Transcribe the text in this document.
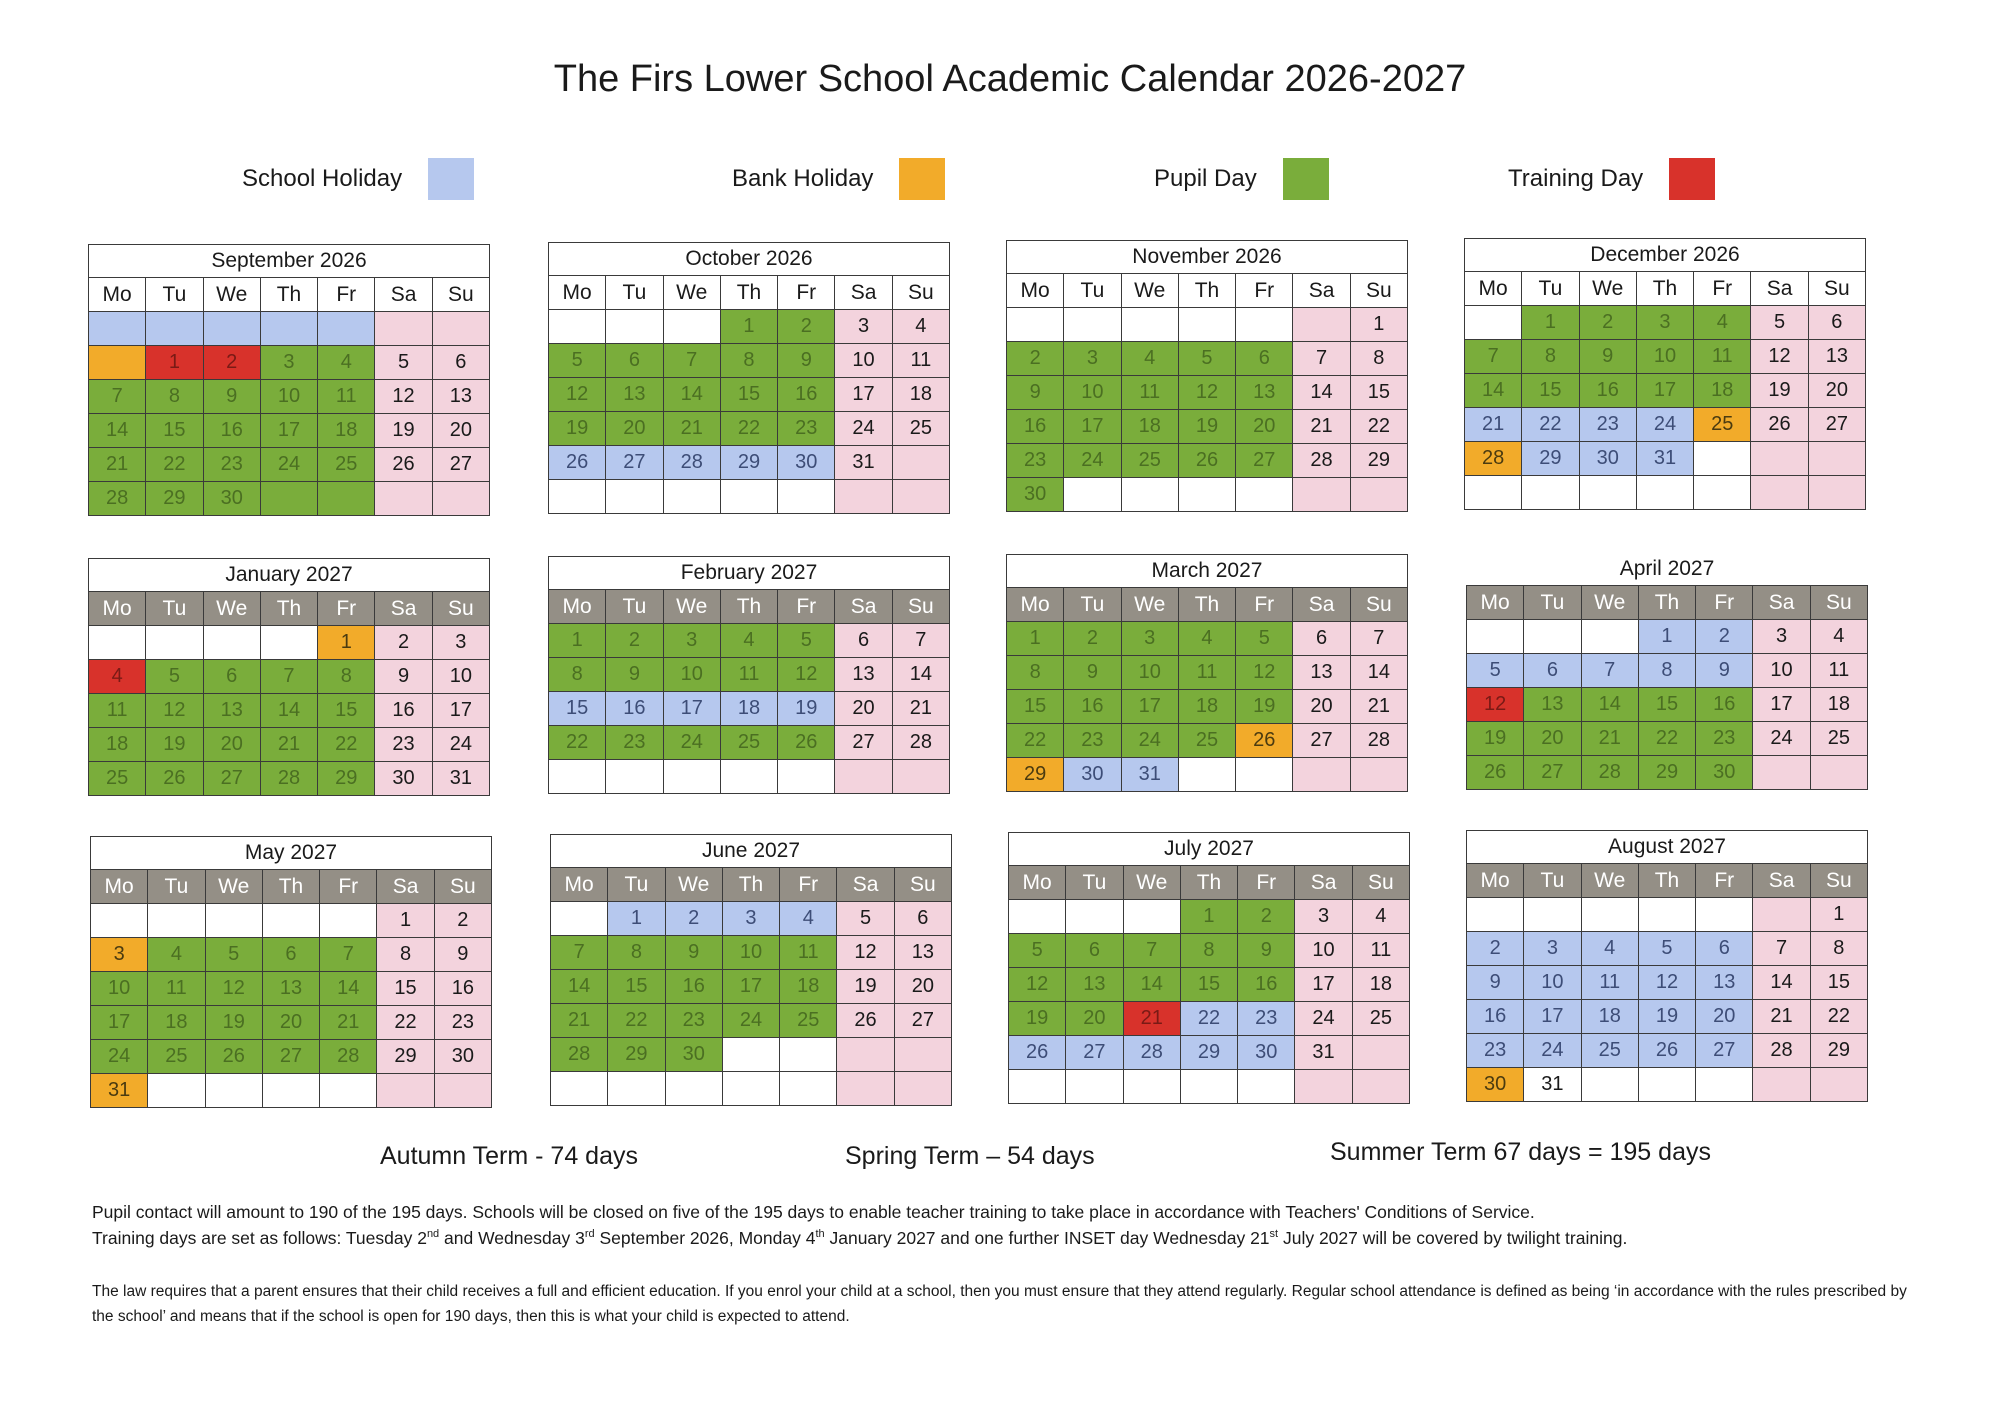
The Firs Lower School Academic Calendar 2026-2027
School Holiday	Bank Holiday	Pupil Day	Training Day
September 2026						
Mo	Tu	We	Th	Fr	Sa	Su

	1	2	3	4	5	6
7	8	9	10	11	12	13
14	15	16	17	18	19	20
21	22	23	24	25	26	27
28	29	30				
October 2026						
Mo	Tu	We	Th	Fr	Sa	Su
			1	2	3	4
5	6	7	8	9	10	11
12	13	14	15	16	17	18
19	20	21	22	23	24	25
26	27	28	29	30	31	

November 2026						
Mo	Tu	We	Th	Fr	Sa	Su
						1
2	3	4	5	6	7	8
9	10	11	12	13	14	15
16	17	18	19	20	21	22
23	24	25	26	27	28	29
30						
December 2026						
Mo	Tu	We	Th	Fr	Sa	Su
	1	2	3	4	5	6
7	8	9	10	11	12	13
14	15	16	17	18	19	20
21	22	23	24	25	26	27
28	29	30	31			

January 2027						
Mo	Tu	We	Th	Fr	Sa	Su
				1	2	3
4	5	6	7	8	9	10
11	12	13	14	15	16	17
18	19	20	21	22	23	24
25	26	27	28	29	30	31
February 2027						
Mo	Tu	We	Th	Fr	Sa	Su
1	2	3	4	5	6	7
8	9	10	11	12	13	14
15	16	17	18	19	20	21
22	23	24	25	26	27	28

March 2027						
Mo	Tu	We	Th	Fr	Sa	Su
1	2	3	4	5	6	7
8	9	10	11	12	13	14
15	16	17	18	19	20	21
22	23	24	25	26	27	28
29	30	31				
April 2027						
Mo	Tu	We	Th	Fr	Sa	Su
			1	2	3	4
5	6	7	8	9	10	11
12	13	14	15	16	17	18
19	20	21	22	23	24	25
26	27	28	29	30		
May 2027						
Mo	Tu	We	Th	Fr	Sa	Su
					1	2
3	4	5	6	7	8	9
10	11	12	13	14	15	16
17	18	19	20	21	22	23
24	25	26	27	28	29	30
31						
June 2027						
Mo	Tu	We	Th	Fr	Sa	Su
	1	2	3	4	5	6
7	8	9	10	11	12	13
14	15	16	17	18	19	20
21	22	23	24	25	26	27
28	29	30				

July 2027						
Mo	Tu	We	Th	Fr	Sa	Su
			1	2	3	4
5	6	7	8	9	10	11
12	13	14	15	16	17	18
19	20	21	22	23	24	25
26	27	28	29	30	31	

August 2027						
Mo	Tu	We	Th	Fr	Sa	Su
						1
2	3	4	5	6	7	8
9	10	11	12	13	14	15
16	17	18	19	20	21	22
23	24	25	26	27	28	29
30	31					
Autumn Term - 74 days	Spring Term – 54 days	Summer Term 67 days = 195 days
Pupil contact will amount to 190 of the 195 days. Schools will be closed on five of the 195 days to enable teacher training to take place in accordance with Teachers' Conditions of Service.
Training days are set as follows: Tuesday 2nd and Wednesday 3rd September 2026, Monday 4th January 2027 and one further INSET day Wednesday 21st July 2027 will be covered by twilight training.
The law requires that a parent ensures that their child receives a full and efficient education. If you enrol your child at a school, then you must ensure that they attend regularly. Regular school attendance is defined as being ‘in accordance with the rules prescribed by the school’ and means that if the school is open for 190 days, then this is what your child is expected to attend.
